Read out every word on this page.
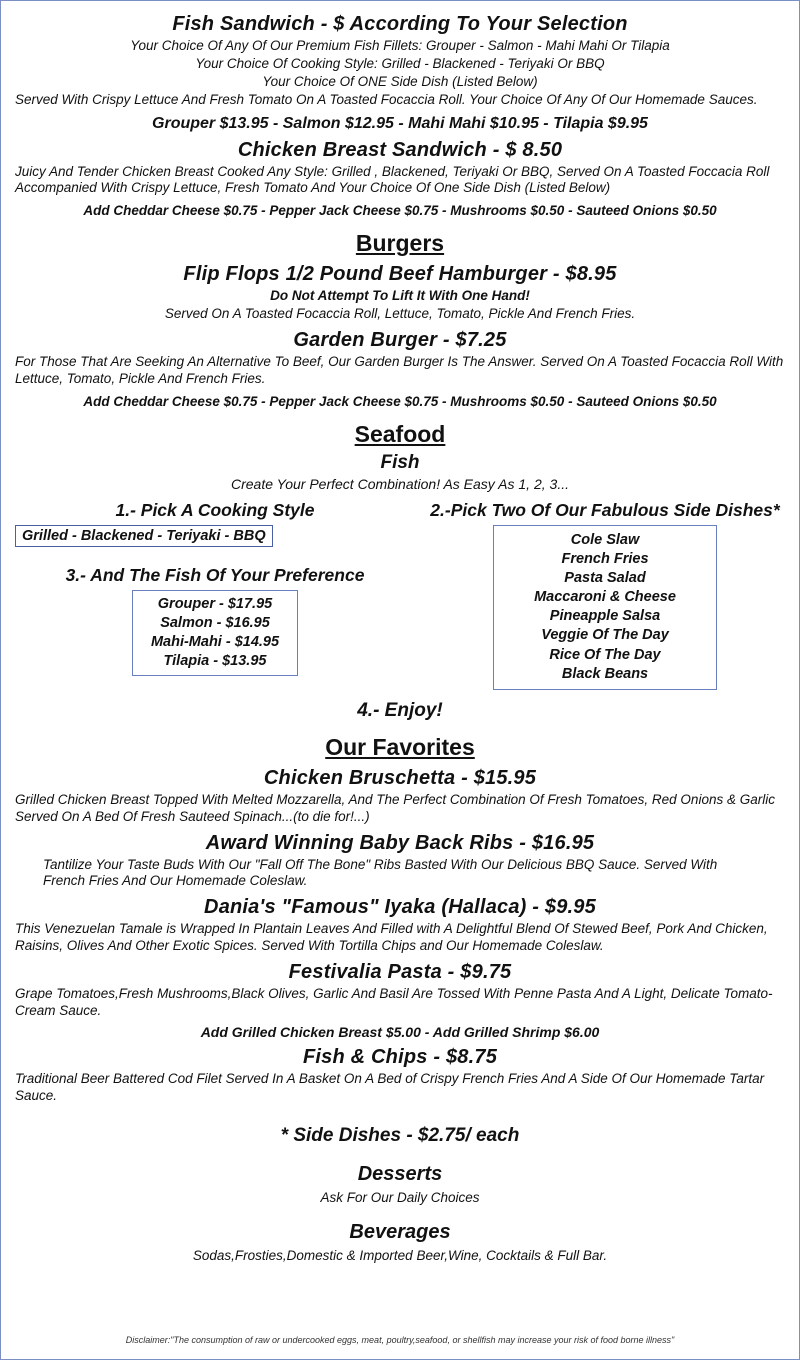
Fish Sandwich - $ According To Your Selection
Your Choice Of Any Of Our Premium Fish Fillets: Grouper - Salmon - Mahi Mahi Or Tilapia
Your Choice Of Cooking Style: Grilled - Blackened - Teriyaki Or BBQ
Your Choice Of ONE Side Dish (Listed Below)
Served With Crispy Lettuce And Fresh Tomato On A Toasted Focaccia Roll. Your Choice Of Any Of Our Homemade Sauces.
Grouper $13.95 - Salmon $12.95 - Mahi Mahi $10.95 - Tilapia $9.95
Chicken Breast Sandwich - $ 8.50
Juicy And Tender Chicken Breast Cooked Any Style: Grilled , Blackened, Teriyaki Or BBQ, Served On A Toasted Foccacia Roll Accompanied With Crispy Lettuce, Fresh Tomato And Your Choice Of One Side Dish (Listed Below)
Add Cheddar Cheese $0.75 - Pepper Jack Cheese $0.75 - Mushrooms $0.50 - Sauteed Onions $0.50
Burgers
Flip Flops 1/2 Pound Beef Hamburger - $8.95
Do Not Attempt To Lift It With One Hand!
Served On A Toasted Focaccia Roll, Lettuce, Tomato, Pickle And French Fries.
Garden Burger - $7.25
For Those That Are Seeking An Alternative To Beef, Our Garden Burger Is The Answer. Served On A Toasted Focaccia Roll With Lettuce, Tomato, Pickle And French Fries.
Add Cheddar Cheese $0.75 - Pepper Jack Cheese $0.75 - Mushrooms $0.50 - Sauteed Onions $0.50
Seafood
Fish
Create Your Perfect Combination! As Easy As 1, 2, 3...
1.- Pick A Cooking Style
Grilled - Blackened - Teriyaki - BBQ
3.- And The Fish Of Your Preference
Grouper - $17.95
Salmon - $16.95
Mahi-Mahi - $14.95
Tilapia - $13.95
2.-Pick Two Of Our Fabulous Side Dishes*
Cole Slaw
French Fries
Pasta Salad
Maccaroni & Cheese
Pineapple Salsa
Veggie Of The Day
Rice Of The Day
Black Beans
4.- Enjoy!
Our Favorites
Chicken Bruschetta - $15.95
Grilled Chicken Breast Topped With Melted Mozzarella, And The Perfect Combination Of Fresh Tomatoes, Red Onions & Garlic Served On A Bed Of Fresh Sauteed Spinach...(to die for!...)
Award Winning Baby Back Ribs - $16.95
Tantilize Your Taste Buds With Our "Fall Off The Bone" Ribs Basted With Our Delicious BBQ Sauce. Served With French Fries And Our Homemade Coleslaw.
Dania's "Famous" Iyaka (Hallaca) - $9.95
This Venezuelan Tamale is Wrapped In Plantain Leaves And Filled with A Delightful Blend Of Stewed Beef, Pork And Chicken, Raisins, Olives And Other Exotic Spices. Served With Tortilla Chips and Our Homemade Coleslaw.
Festivalia Pasta - $9.75
Grape Tomatoes,Fresh Mushrooms,Black Olives, Garlic And Basil Are Tossed With Penne Pasta And A Light, Delicate Tomato-Cream Sauce.
Add Grilled Chicken Breast $5.00 - Add Grilled Shrimp $6.00
Fish & Chips - $8.75
Traditional Beer Battered Cod Filet Served In A Basket On A Bed of Crispy French Fries And A Side Of Our Homemade Tartar Sauce.
* Side Dishes - $2.75/ each
Desserts
Ask For Our Daily Choices
Beverages
Sodas,Frosties,Domestic & Imported Beer,Wine, Cocktails & Full Bar.
Disclaimer:"The consumption of raw or undercooked eggs, meat, poultry,seafood, or shellfish may increase your risk of food borne illness"
